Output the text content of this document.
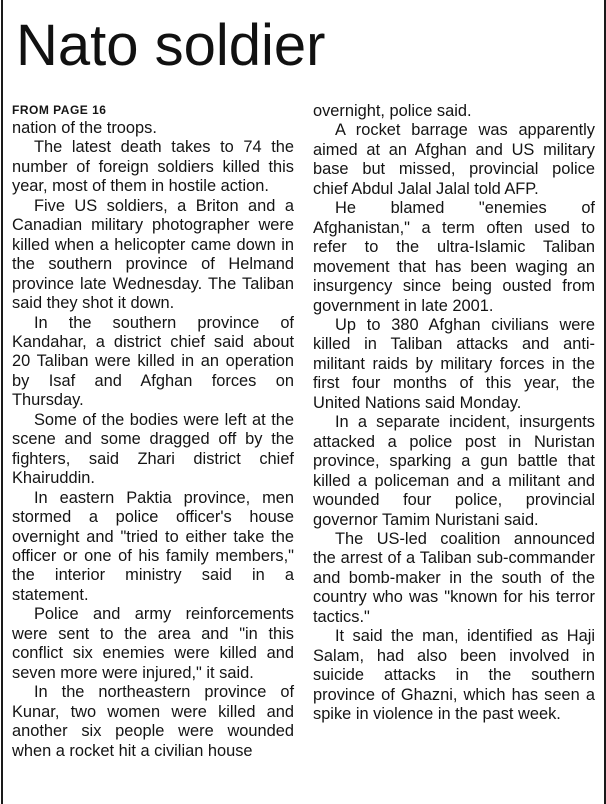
Nato soldier
FROM PAGE 16

nation of the troops.

The latest death takes to 74 the number of foreign soldiers killed this year, most of them in hostile action.

Five US soldiers, a Briton and a Canadian military photographer were killed when a helicopter came down in the southern province of Helmand province late Wednesday. The Taliban said they shot it down.

In the southern province of Kandahar, a district chief said about 20 Taliban were killed in an operation by Isaf and Afghan forces on Thursday.

Some of the bodies were left at the scene and some dragged off by the fighters, said Zhari district chief Khairuddin.

In eastern Paktia province, men stormed a police officer's house overnight and "tried to either take the officer or one of his family members," the interior ministry said in a statement.

Police and army reinforcements were sent to the area and "in this conflict six enemies were killed and seven more were injured," it said.

In the northeastern province of Kunar, two women were killed and another six people were wounded when a rocket hit a civilian house

overnight, police said.

A rocket barrage was apparently aimed at an Afghan and US military base but missed, provincial police chief Abdul Jalal Jalal told AFP.

He blamed "enemies of Afghanistan," a term often used to refer to the ultra-Islamic Taliban movement that has been waging an insurgency since being ousted from government in late 2001.

Up to 380 Afghan civilians were killed in Taliban attacks and anti-militant raids by military forces in the first four months of this year, the United Nations said Monday.

In a separate incident, insurgents attacked a police post in Nuristan province, sparking a gun battle that killed a policeman and a militant and wounded four police, provincial governor Tamim Nuristani said.

The US-led coalition announced the arrest of a Taliban sub-commander and bomb-maker in the south of the country who was "known for his terror tactics."

It said the man, identified as Haji Salam, had also been involved in suicide attacks in the southern province of Ghazni, which has seen a spike in violence in the past week.
